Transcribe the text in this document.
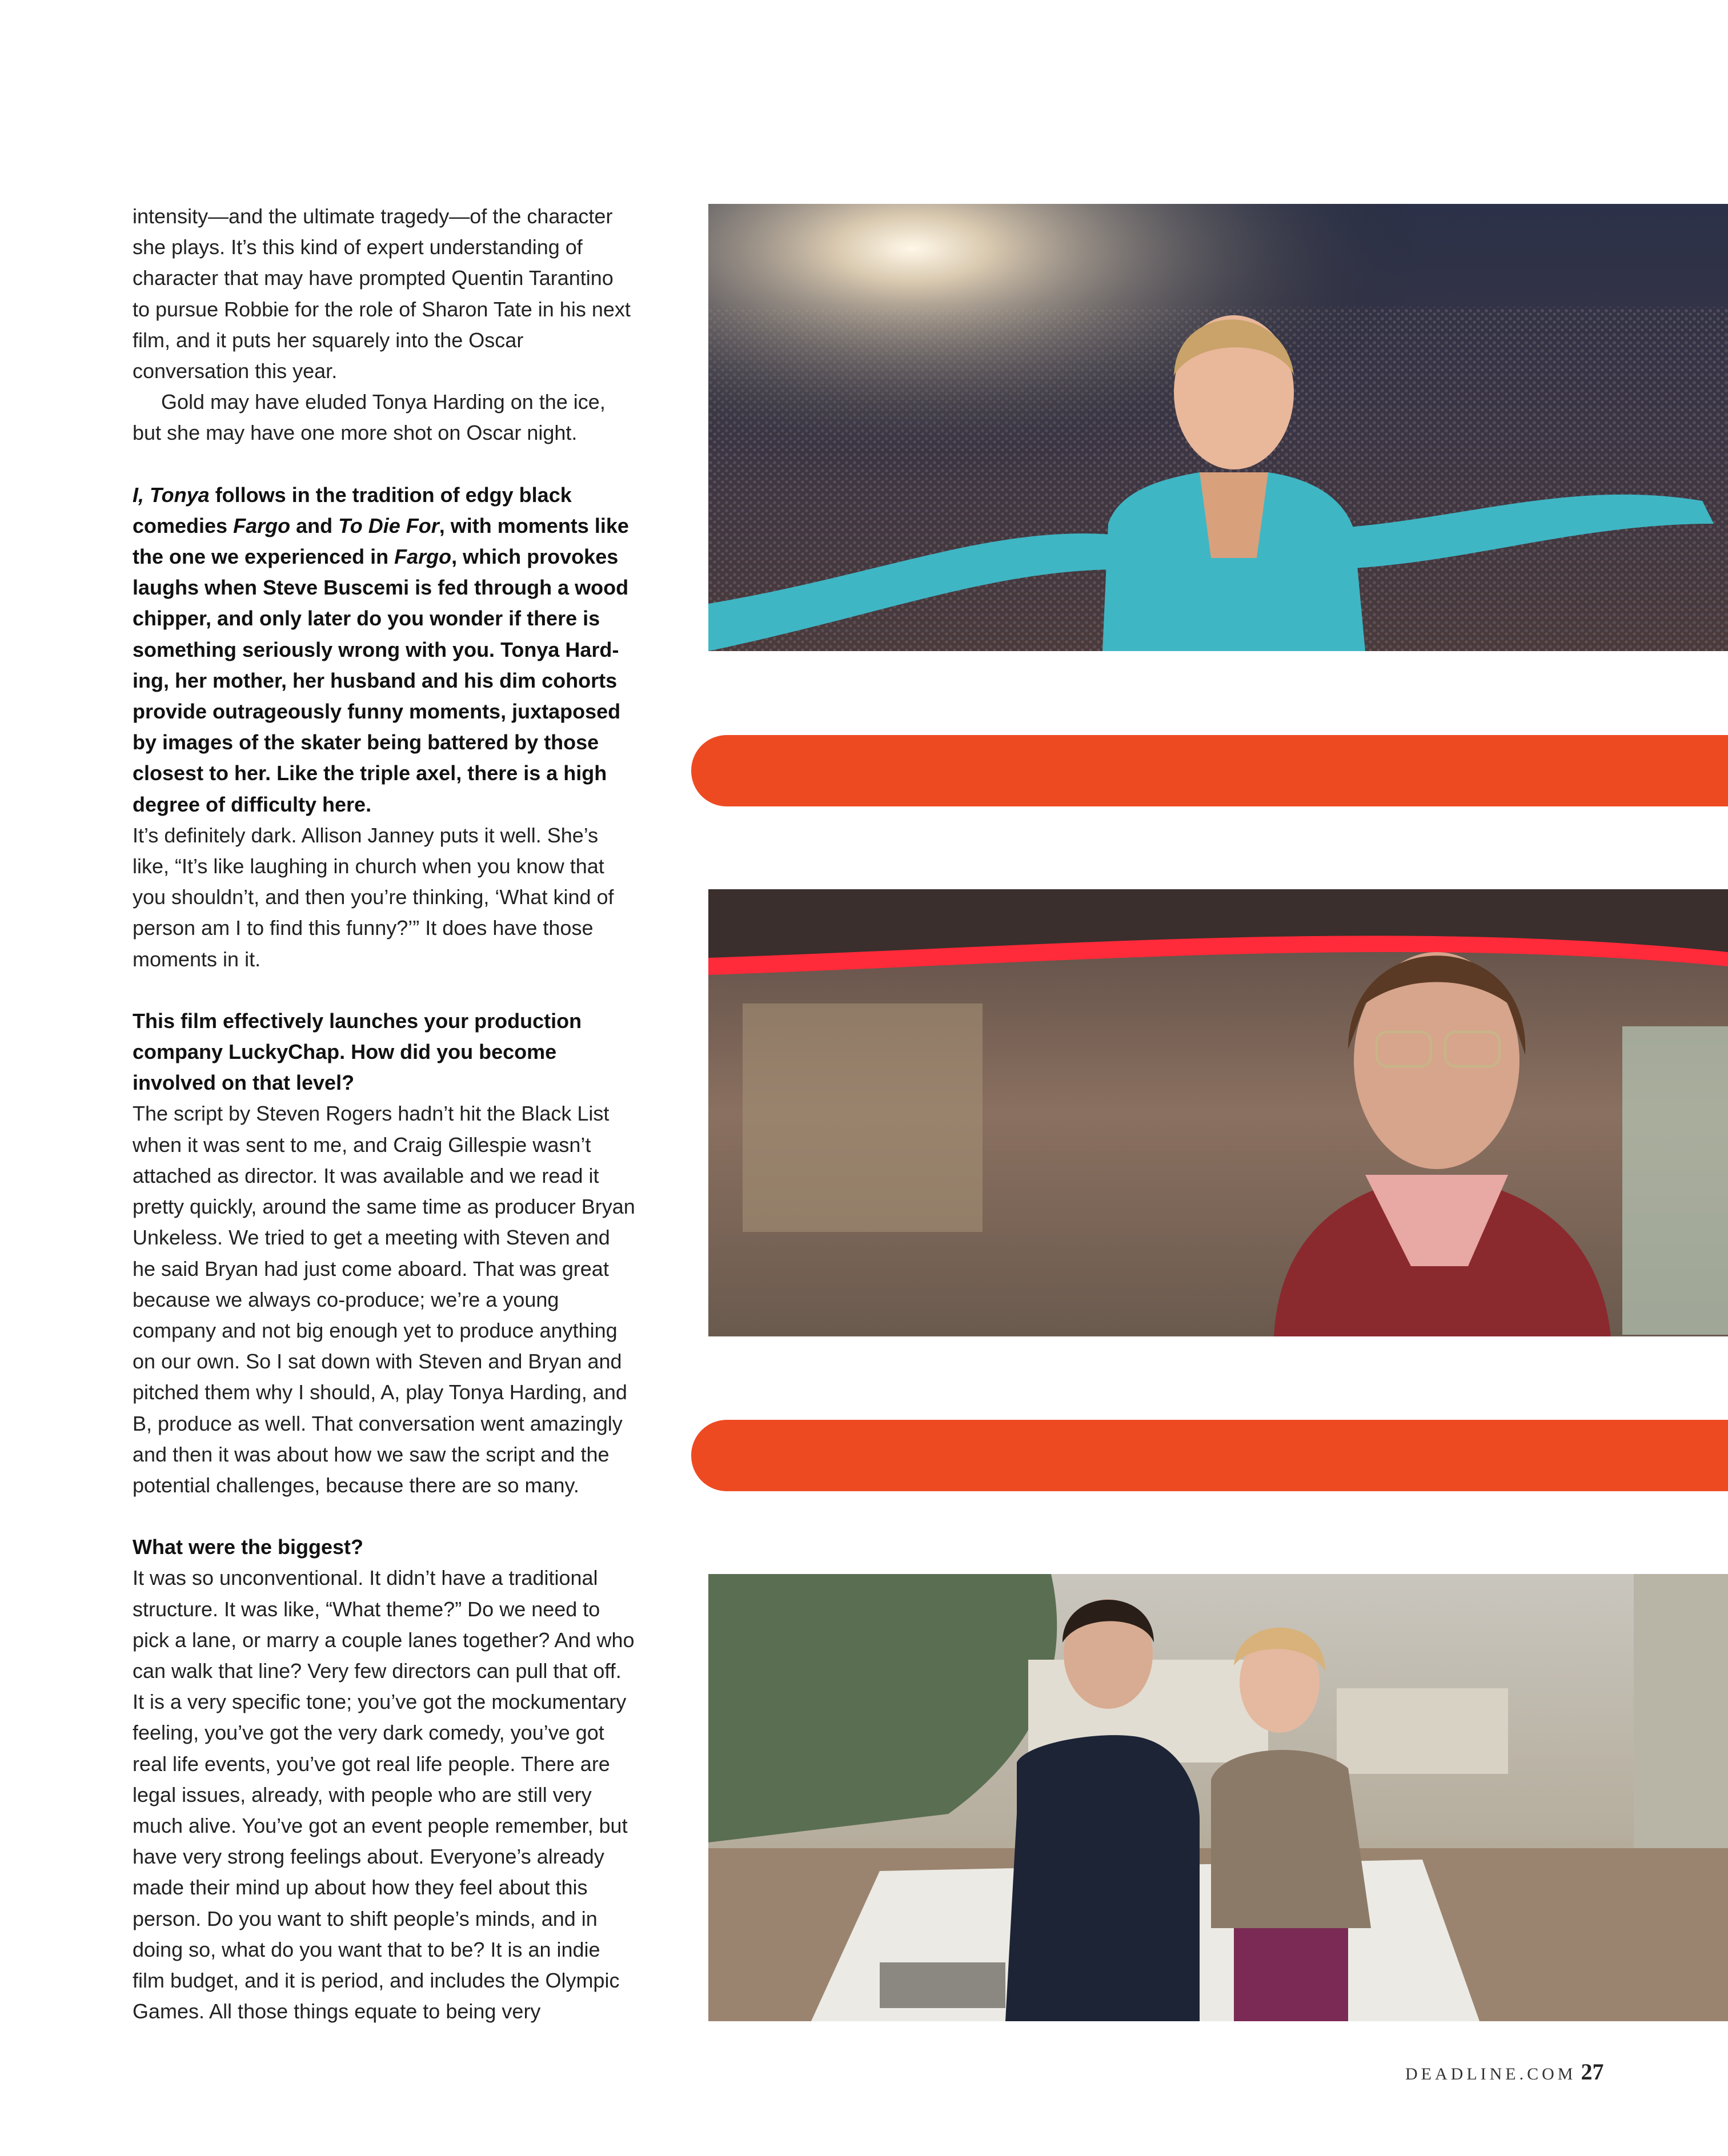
intensity—and the ultimate tragedy—of the character she plays. It’s this kind of expert understanding of character that may have prompted Quentin Tarantino to pursue Robbie for the role of Sharon Tate in his next film, and it puts her squarely into the Oscar conversation this year.

Gold may have eluded Tonya Harding on the ice, but she may have one more shot on Oscar night.

I, Tonya follows in the tradition of edgy black comedies Fargo and To Die For, with moments like the one we experienced in Fargo, which provokes laughs when Steve Buscemi is fed through a wood chipper, and only later do you wonder if there is something seriously wrong with you. Tonya Harding, her mother, her husband and his dim cohorts provide outrageously funny moments, juxtaposed by images of the skater being battered by those closest to her. Like the triple axel, there is a high degree of difficulty here.

It’s definitely dark. Allison Janney puts it well. She’s like, “It’s like laughing in church when you know that you shouldn’t, and then you’re thinking, ‘What kind of person am I to find this funny?’” It does have those moments in it.

This film effectively launches your production company LuckyChap. How did you become involved on that level?

The script by Steven Rogers hadn’t hit the Black List when it was sent to me, and Craig Gillespie wasn’t attached as director. It was available and we read it pretty quickly, around the same time as producer Bryan Unkeless. We tried to get a meeting with Steven and he said Bryan had just come aboard. That was great because we always co-produce; we’re a young company and not big enough yet to produce anything on our own. So I sat down with Steven and Bryan and pitched them why I should, A, play Tonya Harding, and B, produce as well. That conversation went amazingly and then it was about how we saw the script and the potential challenges, because there are so many.

What were the biggest?

It was so unconventional. It didn’t have a traditional structure. It was like, “What theme?” Do we need to pick a lane, or marry a couple lanes together? And who can walk that line? Very few directors can pull that off. It is a very specific tone; you’ve got the mockumentary feeling, you’ve got the very dark comedy, you’ve got real life events, you’ve got real life people. There are legal issues, already, with people who are still very much alive. You’ve got an event people remember, but have very strong feelings about. Everyone’s already made their mind up about how they feel about this person. Do you want to shift people’s minds, and in doing so, what do you want that to be? It is an indie film budget, and it is period, and includes the Olympic Games. All those things equate to being very

DEADLINE.COM 27
